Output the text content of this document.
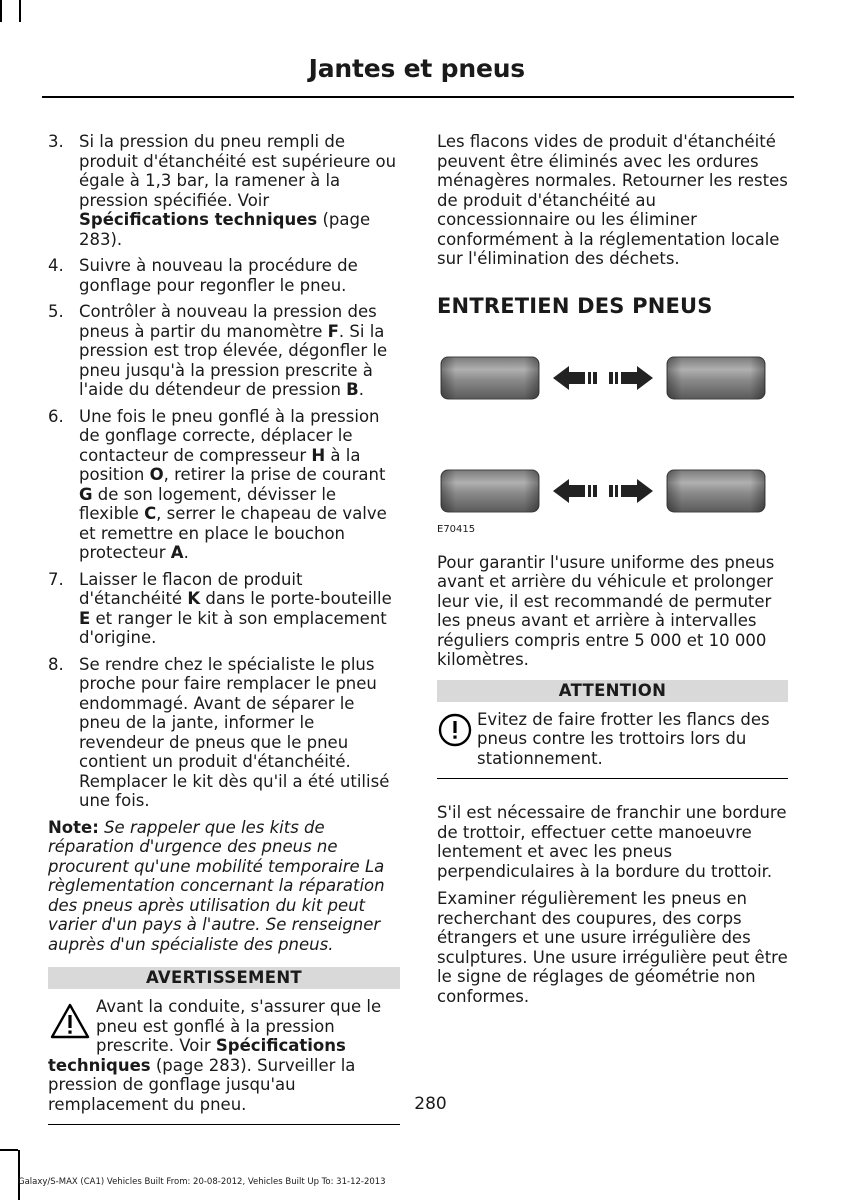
Jantes et pneus
3. Si la pression du pneu rempli de produit d'étanchéité est supérieure ou égale à 1,3 bar, la ramener à la pression spécifiée. Voir Spécifications techniques (page 283).
4. Suivre à nouveau la procédure de gonflage pour regonfler le pneu.
5. Contrôler à nouveau la pression des pneus à partir du manomètre F. Si la pression est trop élevée, dégonfler le pneu jusqu'à la pression prescrite à l'aide du détendeur de pression B.
6. Une fois le pneu gonflé à la pression de gonflage correcte, déplacer le contacteur de compresseur H à la position O, retirer la prise de courant G de son logement, dévisser le flexible C, serrer le chapeau de valve et remettre en place le bouchon protecteur A.
7. Laisser le flacon de produit d'étanchéité K dans le porte-bouteille E et ranger le kit à son emplacement d'origine.
8. Se rendre chez le spécialiste le plus proche pour faire remplacer le pneu endommagé. Avant de séparer le pneu de la jante, informer le revendeur de pneus que le pneu contient un produit d'étanchéité. Remplacer le kit dès qu'il a été utilisé une fois.
Note: Se rappeler que les kits de réparation d'urgence des pneus ne procurent qu'une mobilité temporaire La règlementation concernant la réparation des pneus après utilisation du kit peut varier d'un pays à l'autre. Se renseigner auprès d'un spécialiste des pneus.
AVERTISSEMENT
Avant la conduite, s'assurer que le pneu est gonflé à la pression prescrite. Voir Spécifications
techniques (page 283). Surveiller la pression de gonflage jusqu'au remplacement du pneu.

Les flacons vides de produit d'étanchéité peuvent être éliminés avec les ordures ménagères normales. Retourner les restes de produit d'étanchéité au concessionnaire ou les éliminer conformément à la réglementation locale sur l'élimination des déchets.

ENTRETIEN DES PNEUS
E70415

Pour garantir l'usure uniforme des pneus avant et arrière du véhicule et prolonger leur vie, il est recommandé de permuter les pneus avant et arrière à intervalles réguliers compris entre 5 000 et 10 000 kilomètres.

ATTENTION
Evitez de faire frotter les flancs des pneus contre les trottoirs lors du stationnement.

S'il est nécessaire de franchir une bordure de trottoir, effectuer cette manoeuvre lentement et avec les pneus perpendiculaires à la bordure du trottoir.

Examiner régulièrement les pneus en recherchant des coupures, des corps étrangers et une usure irrégulière des sculptures. Une usure irrégulière peut être le signe de réglages de géométrie non conformes.

280
Galaxy/S-MAX (CA1) Vehicles Built From: 20-08-2012, Vehicles Built Up To: 31-12-2013
